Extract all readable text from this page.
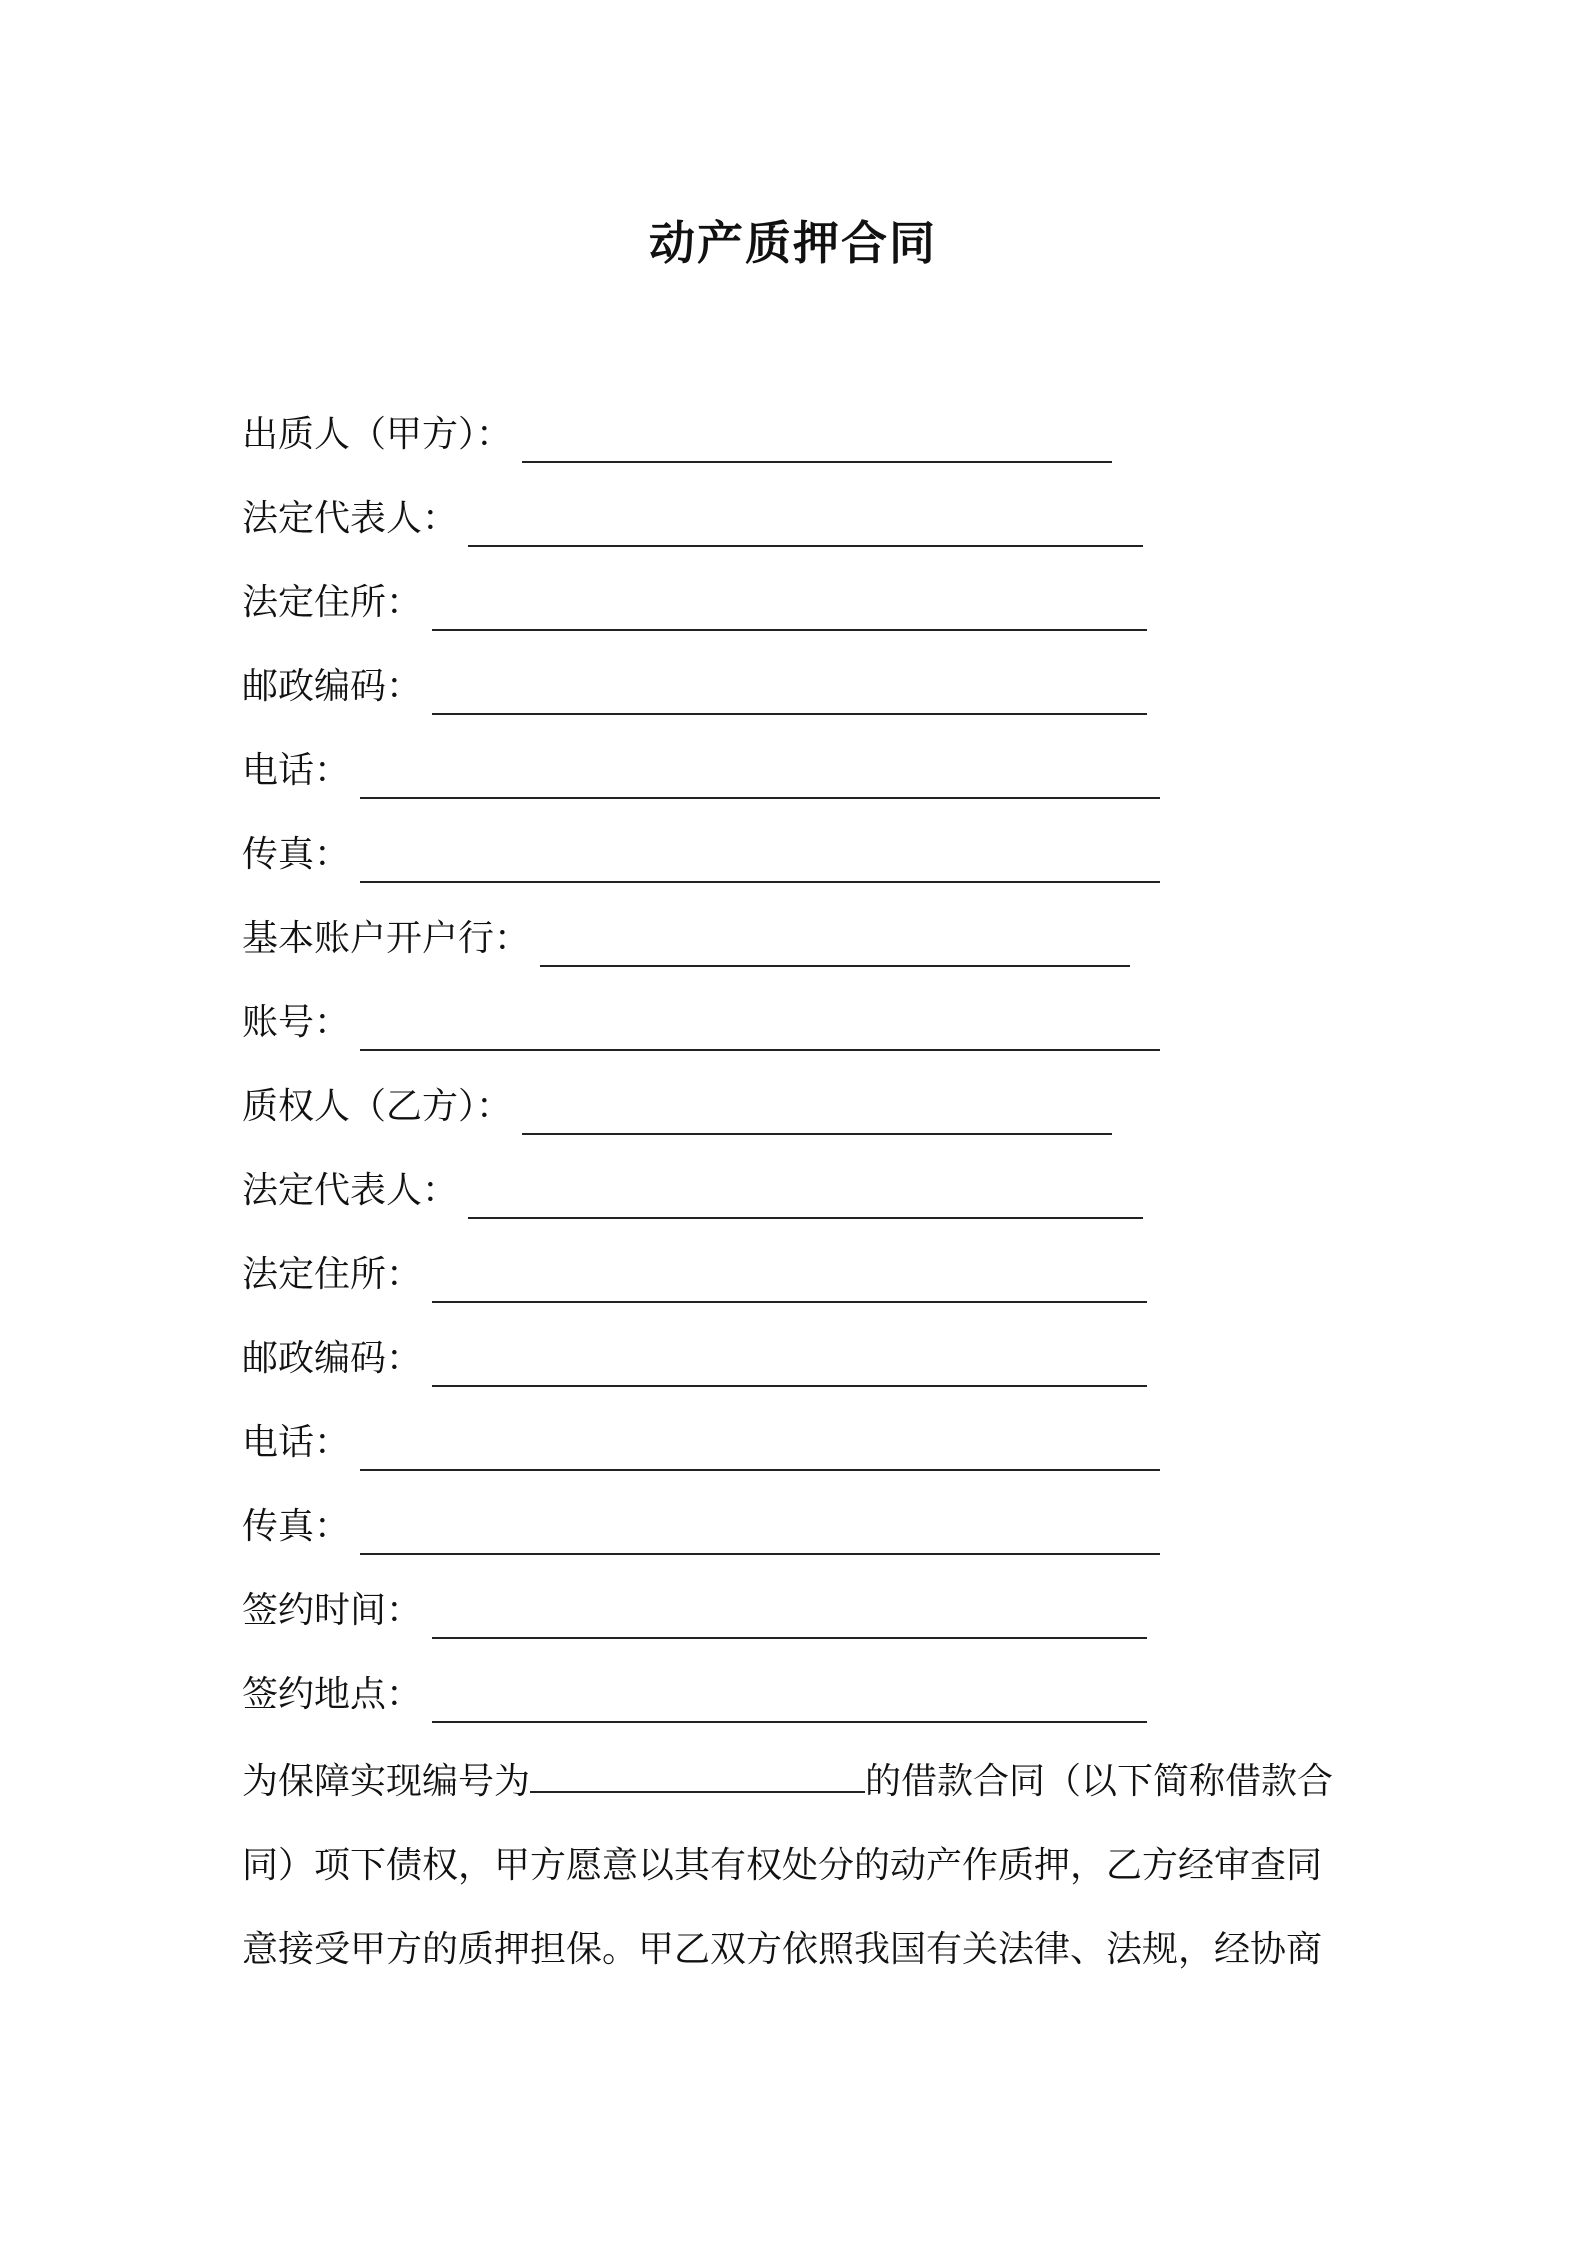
动产质押合同
出质人（甲方）：
法定代表人：
法定住所：
邮政编码：
电话：
传真：
基本账户开户行：
账号：
质权人（乙方）：
法定代表人：
法定住所：
邮政编码：
电话：
传真：
签约时间：
签约地点：
为保障实现编号为	的借款合同（以下简称借款合
同）项下债权，甲方愿意以其有权处分的动产作质押，乙方经审查同
意接受甲方的质押担保。甲乙双方依照我国有关法律、法规，经协商
